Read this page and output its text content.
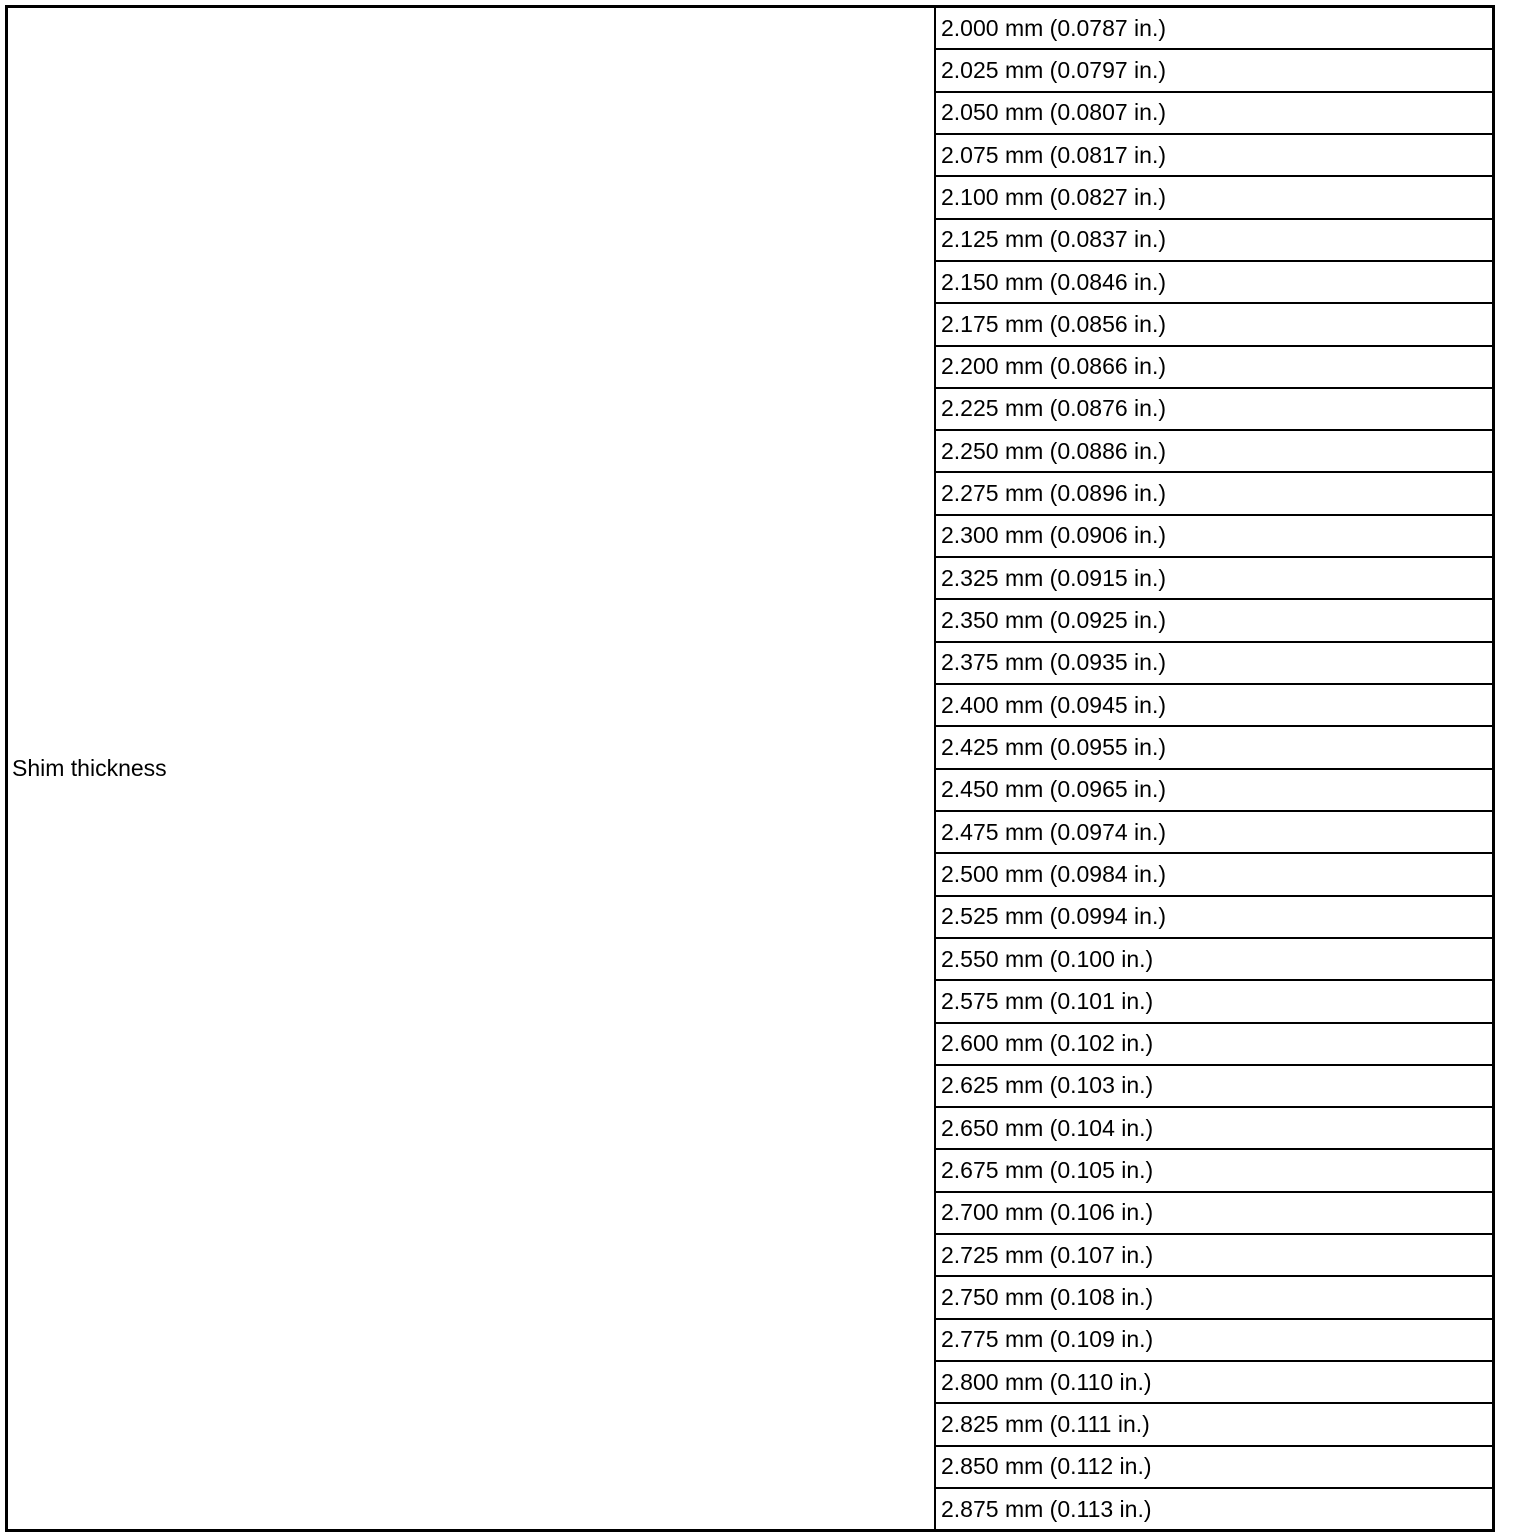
Shim thickness
2.000 mm (0.0787 in.)
2.025 mm (0.0797 in.)
2.050 mm (0.0807 in.)
2.075 mm (0.0817 in.)
2.100 mm (0.0827 in.)
2.125 mm (0.0837 in.)
2.150 mm (0.0846 in.)
2.175 mm (0.0856 in.)
2.200 mm (0.0866 in.)
2.225 mm (0.0876 in.)
2.250 mm (0.0886 in.)
2.275 mm (0.0896 in.)
2.300 mm (0.0906 in.)
2.325 mm (0.0915 in.)
2.350 mm (0.0925 in.)
2.375 mm (0.0935 in.)
2.400 mm (0.0945 in.)
2.425 mm (0.0955 in.)
2.450 mm (0.0965 in.)
2.475 mm (0.0974 in.)
2.500 mm (0.0984 in.)
2.525 mm (0.0994 in.)
2.550 mm (0.100 in.)
2.575 mm (0.101 in.)
2.600 mm (0.102 in.)
2.625 mm (0.103 in.)
2.650 mm (0.104 in.)
2.675 mm (0.105 in.)
2.700 mm (0.106 in.)
2.725 mm (0.107 in.)
2.750 mm (0.108 in.)
2.775 mm (0.109 in.)
2.800 mm (0.110 in.)
2.825 mm (0.111 in.)
2.850 mm (0.112 in.)
2.875 mm (0.113 in.)
